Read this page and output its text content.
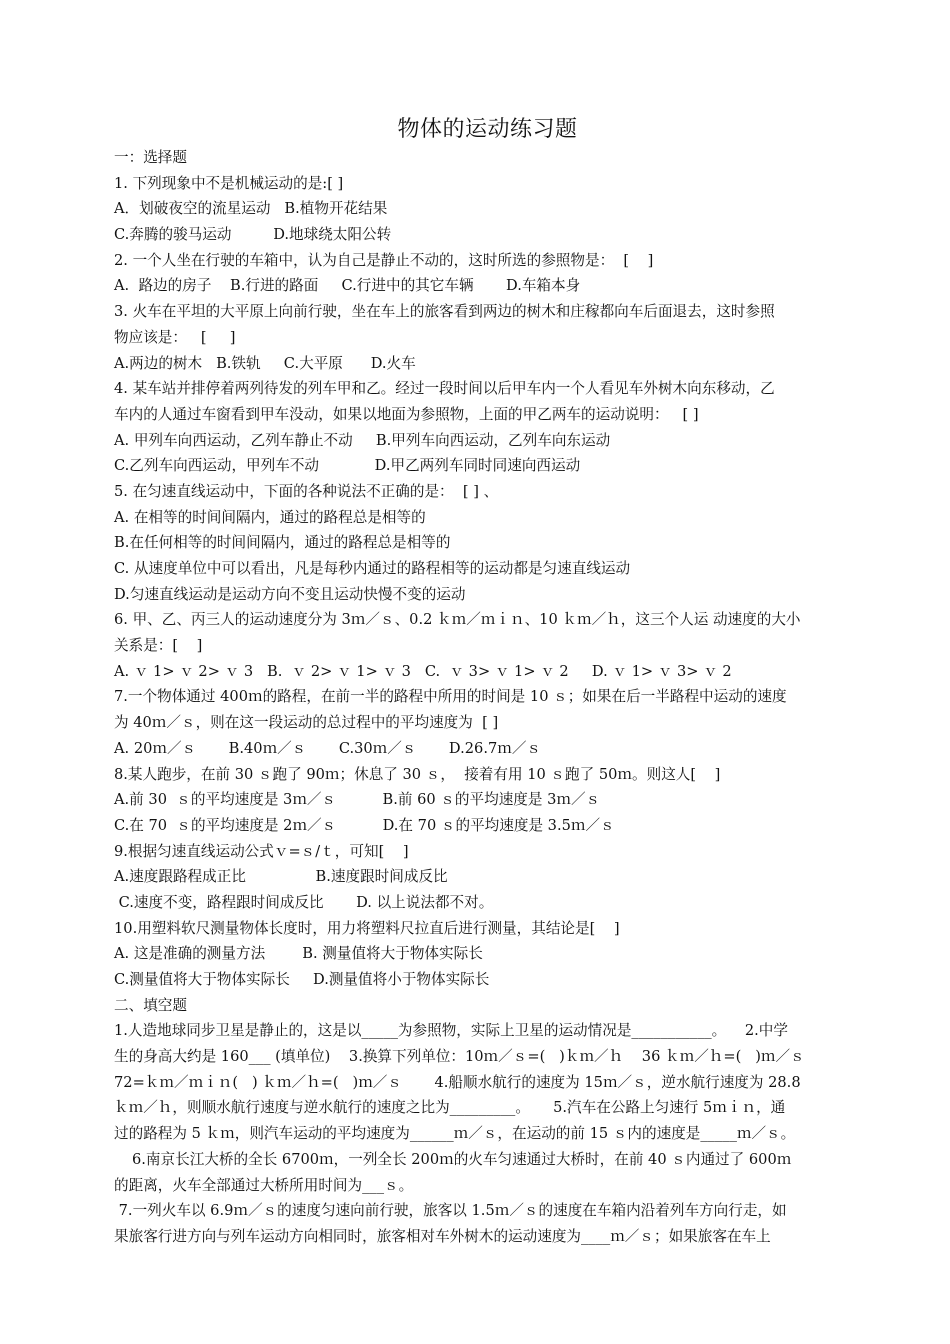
物体的运动练习题
一：选择题
1. 下列现象中不是机械运动的是:[ ]
A．划破夜空的流星运动   B.植物开花结果
C.奔腾的骏马运动         D.地球绕太阳公转
2. 一个人坐在行驶的车箱中，认为自己是静止不动的，这时所选的参照物是：  [    ]
A.  路边的房子    B.行进的路面     C.行进中的其它车辆       D.车箱本身
3. 火车在平坦的大平原上向前行驶，坐在车上的旅客看到两边的树木和庄稼都向车后面退去，这时参照
物应该是：   [     ]
A.两边的树木   B.铁轨     C.大平原      D.火车
4. 某车站并排停着两列待发的列车甲和乙。经过一段时间以后甲车内一个人看见车外树木向东移动，乙
车内的人通过车窗看到甲车没动，如果以地面为参照物，上面的甲乙两车的运动说明：   [ ]
A. 甲列车向西运动，乙列车静止不动     B.甲列车向西运动，乙列车向东运动
C.乙列车向西运动，甲列车不动            D.甲乙两列车同时同速向西运动
5. 在匀速直线运动中，下面的各种说法不正确的是：  [ ] 、
A. 在相等的时间间隔内，通过的路程总是相等的
B.在任何相等的时间间隔内，通过的路程总是相等的
C. 从速度单位中可以看出，凡是每秒内通过的路程相等的运动都是匀速直线运动
D.匀速直线运动是运动方向不变且运动快慢不变的运动
6. 甲、乙、丙三人的运动速度分为 3ｍ／ｓ、0.2 ｋｍ／ｍｉｎ、10 ｋｍ／ｈ，这三个人运 动速度的大小
关系是：[    ]
A. ｖ 1> ｖ 2> ｖ 3   B.  ｖ 2> ｖ 1> ｖ 3   C.  ｖ 3> ｖ 1> ｖ 2     D. ｖ 1> ｖ 3> ｖ 2
7.一个物体通过 400ｍ的路程，在前一半的路程中所用的时间是 10 ｓ；如果在后一半路程中运动的速度
为 40ｍ／ｓ，则在这一段运动的总过程中的平均速度为  [ ]
A. 20ｍ／ｓ       B.40ｍ／ｓ       C.30ｍ／ｓ       D.26.7ｍ／ｓ
8.某人跑步，在前 30 ｓ跑了 90ｍ；休息了 30 ｓ，  接着有用 10 ｓ跑了 50ｍ。则这人[    ]
A.前 30  ｓ的平均速度是 3ｍ／ｓ          B.前 60 ｓ的平均速度是 3ｍ／ｓ
C.在 70  ｓ的平均速度是 2ｍ／ｓ          D.在 70 ｓ的平均速度是 3.5ｍ／ｓ
9.根据匀速直线运动公式ｖ=ｓ/ｔ，可知[    ]
A.速度跟路程成正比               B.速度跟时间成反比
C.速度不变，路程跟时间成反比       D. 以上说法都不对。
10.用塑料软尺测量物体长度时，用力将塑料尺拉直后进行测量，其结论是[    ]
A. 这是准确的测量方法        B. 测量值将大于物体实际长
C.测量值将大于物体实际长     D.测量值将小于物体实际长
二、填空题
1.人造地球同步卫星是静止的，这是以_____为参照物，实际上卫星的运动情况是___________。    2.中学
生的身高大约是 160___ (填单位)    3.换算下列单位：10ｍ／ｓ=(   )ｋｍ／ｈ    36 ｋｍ／ｈ=(   )ｍ／ｓ
72=ｋｍ／ｍｉｎ(   ) ｋｍ／ｈ=(   )ｍ／ｓ       4.船顺水航行的速度为 15ｍ／ｓ，逆水航行速度为 28.8
ｋｍ／ｈ，则顺水航行速度与逆水航行的速度之比为_________。     5.汽车在公路上匀速行 5ｍｉｎ，通
过的路程为 5 ｋｍ，则汽车运动的平均速度为______ｍ／ｓ，在运动的前 15 ｓ内的速度是_____ｍ／ｓ。
6.南京长江大桥的全长 6700ｍ，一列全长 200ｍ的火车匀速通过大桥时，在前 40 ｓ内通过了 600ｍ
的距离，火车全部通过大桥所用时间为___ｓ。
7.一列火车以 6.9ｍ／ｓ的速度匀速向前行驶，旅客以 1.5ｍ／ｓ的速度在车箱内沿着列车方向行走，如
果旅客行进方向与列车运动方向相同时，旅客相对车外树木的运动速度为____ｍ／ｓ；如果旅客在车上
